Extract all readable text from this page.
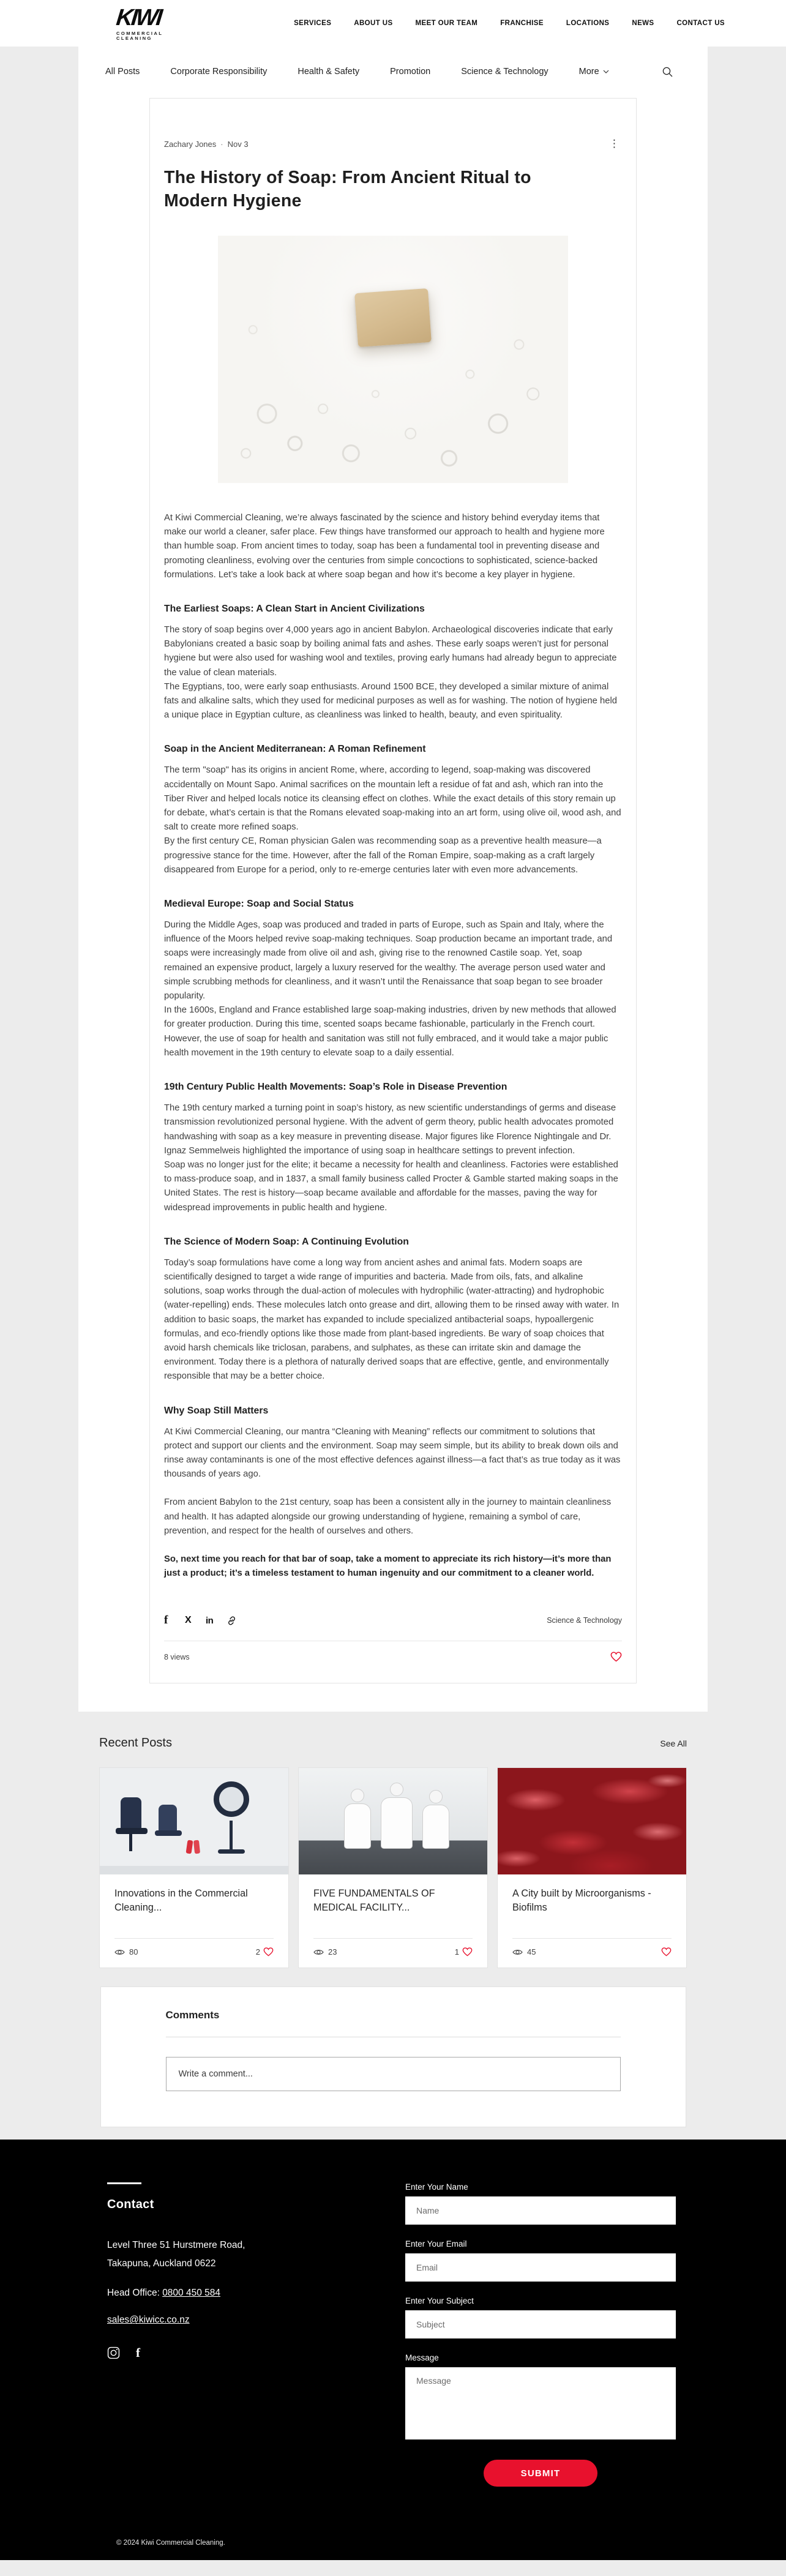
KIWI
COMMERCIAL CLEANING
SERVICES	ABOUT US	MEET OUR TEAM	FRANCHISE	LOCATIONS	NEWS	CONTACT US
All Posts	Corporate Responsibility	Health & Safety	Promotion	Science & Technology	More
Zachary Jones · Nov 3	⋮
The History of Soap: From Ancient Ritual to Modern Hygiene

At Kiwi Commercial Cleaning, we’re always fascinated by the science and history behind everyday items that make our world a cleaner, safer place. Few things have transformed our approach to health and hygiene more than humble soap. From ancient times to today, soap has been a fundamental tool in preventing disease and promoting cleanliness, evolving over the centuries from simple concoctions to sophisticated, science-backed formulations. Let’s take a look back at where soap began and how it’s become a key player in hygiene.

The Earliest Soaps: A Clean Start in Ancient Civilizations

The story of soap begins over 4,000 years ago in ancient Babylon. Archaeological discoveries indicate that early Babylonians created a basic soap by boiling animal fats and ashes. These early soaps weren’t just for personal hygiene but were also used for washing wool and textiles, proving early humans had already begun to appreciate the value of clean materials.

The Egyptians, too, were early soap enthusiasts. Around 1500 BCE, they developed a similar mixture of animal fats and alkaline salts, which they used for medicinal purposes as well as for washing. The notion of hygiene held a unique place in Egyptian culture, as cleanliness was linked to health, beauty, and even spirituality.

Soap in the Ancient Mediterranean: A Roman Refinement

The term "soap" has its origins in ancient Rome, where, according to legend, soap-making was discovered accidentally on Mount Sapo. Animal sacrifices on the mountain left a residue of fat and ash, which ran into the Tiber River and helped locals notice its cleansing effect on clothes. While the exact details of this story remain up for debate, what’s certain is that the Romans elevated soap-making into an art form, using olive oil, wood ash, and salt to create more refined soaps.

By the first century CE, Roman physician Galen was recommending soap as a preventive health measure—a progressive stance for the time. However, after the fall of the Roman Empire, soap-making as a craft largely disappeared from Europe for a period, only to re-emerge centuries later with even more advancements.

Medieval Europe: Soap and Social Status

During the Middle Ages, soap was produced and traded in parts of Europe, such as Spain and Italy, where the influence of the Moors helped revive soap-making techniques. Soap production became an important trade, and soaps were increasingly made from olive oil and ash, giving rise to the renowned Castile soap. Yet, soap remained an expensive product, largely a luxury reserved for the wealthy. The average person used water and simple scrubbing methods for cleanliness, and it wasn’t until the Renaissance that soap began to see broader popularity.

In the 1600s, England and France established large soap-making industries, driven by new methods that allowed for greater production. During this time, scented soaps became fashionable, particularly in the French court. However, the use of soap for health and sanitation was still not fully embraced, and it would take a major public health movement in the 19th century to elevate soap to a daily essential.

19th Century Public Health Movements: Soap’s Role in Disease Prevention

The 19th century marked a turning point in soap’s history, as new scientific understandings of germs and disease transmission revolutionized personal hygiene. With the advent of germ theory, public health advocates promoted handwashing with soap as a key measure in preventing disease. Major figures like Florence Nightingale and Dr. Ignaz Semmelweis highlighted the importance of using soap in healthcare settings to prevent infection.

Soap was no longer just for the elite; it became a necessity for health and cleanliness. Factories were established to mass-produce soap, and in 1837, a small family business called Procter & Gamble started making soaps in the United States. The rest is history—soap became available and affordable for the masses, paving the way for widespread improvements in public health and hygiene.

The Science of Modern Soap: A Continuing Evolution

Today’s soap formulations have come a long way from ancient ashes and animal fats. Modern soaps are scientifically designed to target a wide range of impurities and bacteria. Made from oils, fats, and alkaline solutions, soap works through the dual-action of molecules with hydrophilic (water-attracting) and hydrophobic (water-repelling) ends. These molecules latch onto grease and dirt, allowing them to be rinsed away with water. In addition to basic soaps, the market has expanded to include specialized antibacterial soaps, hypoallergenic formulas, and eco-friendly options like those made from plant-based ingredients. Be wary of soap choices that avoid harsh chemicals like triclosan, parabens, and sulphates, as these can irritate skin and damage the environment. Today there is a plethora of naturally derived soaps that are effective, gentle, and environmentally responsible that may be a better choice.

Why Soap Still Matters

At Kiwi Commercial Cleaning, our mantra “Cleaning with Meaning” reflects our commitment to solutions that protect and support our clients and the environment. Soap may seem simple, but its ability to break down oils and rinse away contaminants is one of the most effective defences against illness—a fact that’s as true today as it was thousands of years ago.

From ancient Babylon to the 21st century, soap has been a consistent ally in the journey to maintain cleanliness and health. It has adapted alongside our growing understanding of hygiene, remaining a symbol of care, prevention, and respect for the health of ourselves and others.

So, next time you reach for that bar of soap, take a moment to appreciate its rich history—it’s more than just a product; it’s a timeless testament to human ingenuity and our commitment to a cleaner world.

f	X	in	Science & Technology
8 views
Recent Posts	See All
Innovations in the Commercial Cleaning...
80	2
FIVE FUNDAMENTALS OF MEDICAL FACILITY...
23	1
A City built by Microorganisms - Biofilms
45
Comments
Write a comment...
Contact
Level Three 51 Hurstmere Road,
Takapuna, Auckland 0622
Head Office: 0800 450 584
sales@kiwicc.co.nz
f
Enter Your Name
Name
Enter Your Email
Email
Enter Your Subject
Subject
Message
Message
SUBMIT
© 2024 Kiwi Commercial Cleaning.
